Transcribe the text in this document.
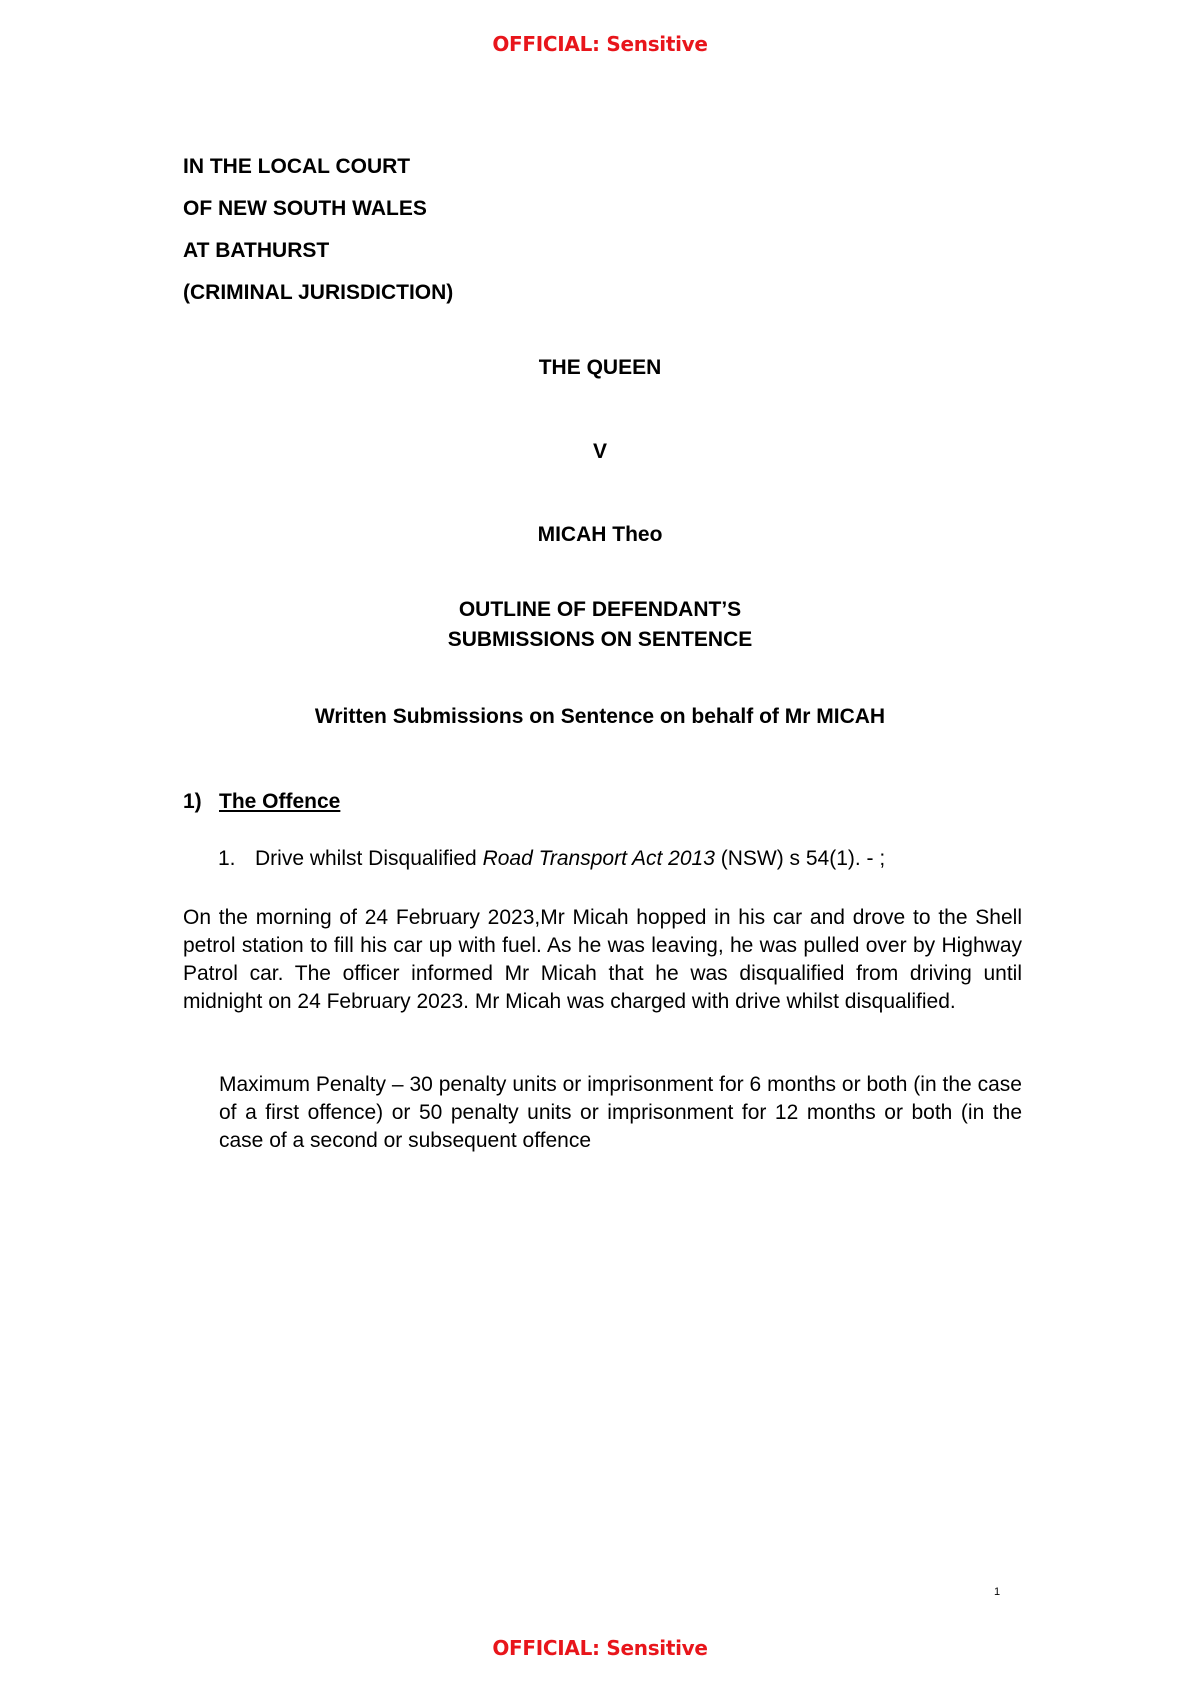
OFFICIAL: Sensitive
IN THE LOCAL COURT
OF NEW SOUTH WALES
AT BATHURST
(CRIMINAL JURISDICTION)
THE QUEEN
V
MICAH Theo
OUTLINE OF DEFENDANT’S
SUBMISSIONS ON SENTENCE
Written Submissions on Sentence on behalf of Mr MICAH
1) The Offence
1. Drive whilst Disqualified Road Transport Act 2013 (NSW) s 54(1). - ;
On the morning of 24 February 2023,Mr Micah hopped in his car and drove to the Shell petrol station to fill his car up with fuel. As he was leaving, he was pulled over by Highway Patrol car. The officer informed Mr Micah that he was disqualified from driving until midnight on 24 February 2023. Mr Micah was charged with drive whilst disqualified.
Maximum Penalty – 30 penalty units or imprisonment for 6 months or both (in the case of a first offence) or 50 penalty units or imprisonment for 12 months or both (in the case of a second or subsequent offence
1
OFFICIAL: Sensitive
